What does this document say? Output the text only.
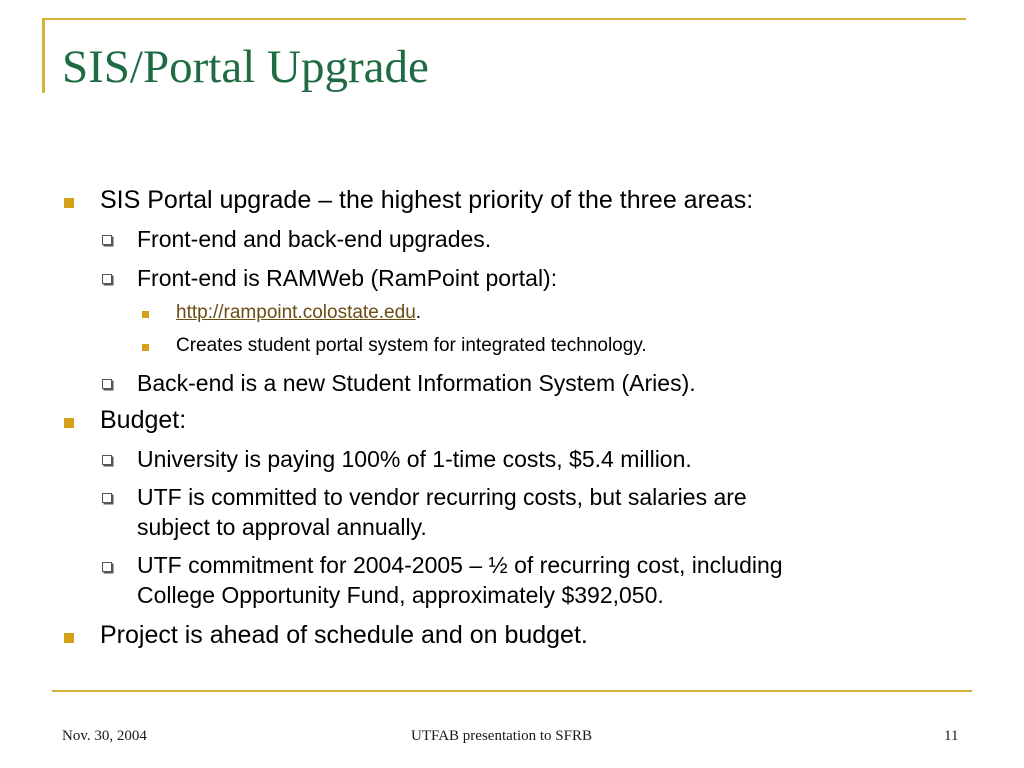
SIS/Portal Upgrade
SIS Portal upgrade – the highest priority of the three areas:
Front-end and back-end upgrades.
Front-end is RAMWeb (RamPoint portal):
http://rampoint.colostate.edu.
Creates student portal system for integrated technology.
Back-end is a new Student Information System (Aries).
Budget:
University is paying 100% of 1-time costs, $5.4 million.
UTF is committed to vendor recurring costs, but salaries are
subject to approval annually.
UTF commitment for 2004-2005 – ½ of recurring cost, including
College Opportunity Fund, approximately $392,050.
Project is ahead of schedule and on budget.
Nov. 30, 2004	UTFAB presentation to SFRB	11
